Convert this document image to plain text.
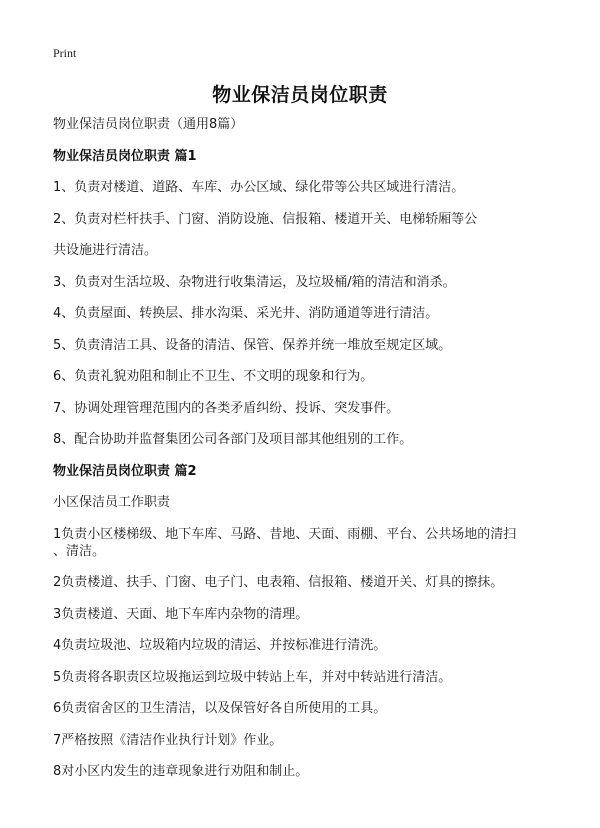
Print
物业保洁员岗位职责
物业保洁员岗位职责（通用8篇）
物业保洁员岗位职责 篇1
1、负责对楼道、道路、车库、办公区域、绿化带等公共区域进行清洁。
2、负责对栏杆扶手、门窗、消防设施、信报箱、楼道开关、电梯轿厢等公
共设施进行清洁。
3、负责对生活垃圾、杂物进行收集清运，及垃圾桶/箱的清洁和消杀。
4、负责屋面、转换层、排水沟渠、采光井、消防通道等进行清洁。
5、负责清洁工具、设备的清洁、保管、保养并统一堆放至规定区域。
6、负责礼貌劝阻和制止不卫生、不文明的现象和行为。
7、协调处理管理范围内的各类矛盾纠纷、投诉、突发事件。
8、配合协助并监督集团公司各部门及项目部其他组别的工作。
物业保洁员岗位职责 篇2
小区保洁员工作职责
1负责小区楼梯级、地下车库、马路、昔地、天面、雨棚、平台、公共场地的清扫
、清洁。
2负责楼道、扶手、门窗、电子门、电表箱、信报箱、楼道开关、灯具的擦抹。
3负责楼道、天面、地下车库内杂物的清理。
4负责垃圾池、垃圾箱内垃圾的清运、并按标准进行清洗。
5负责将各职责区垃圾拖运到垃圾中转站上车，并对中转站进行清洁。
6负责宿舍区的卫生清洁，以及保管好各自所使用的工具。
7严格按照《清洁作业执行计划》作业。
8对小区内发生的违章现象进行劝阻和制止。
